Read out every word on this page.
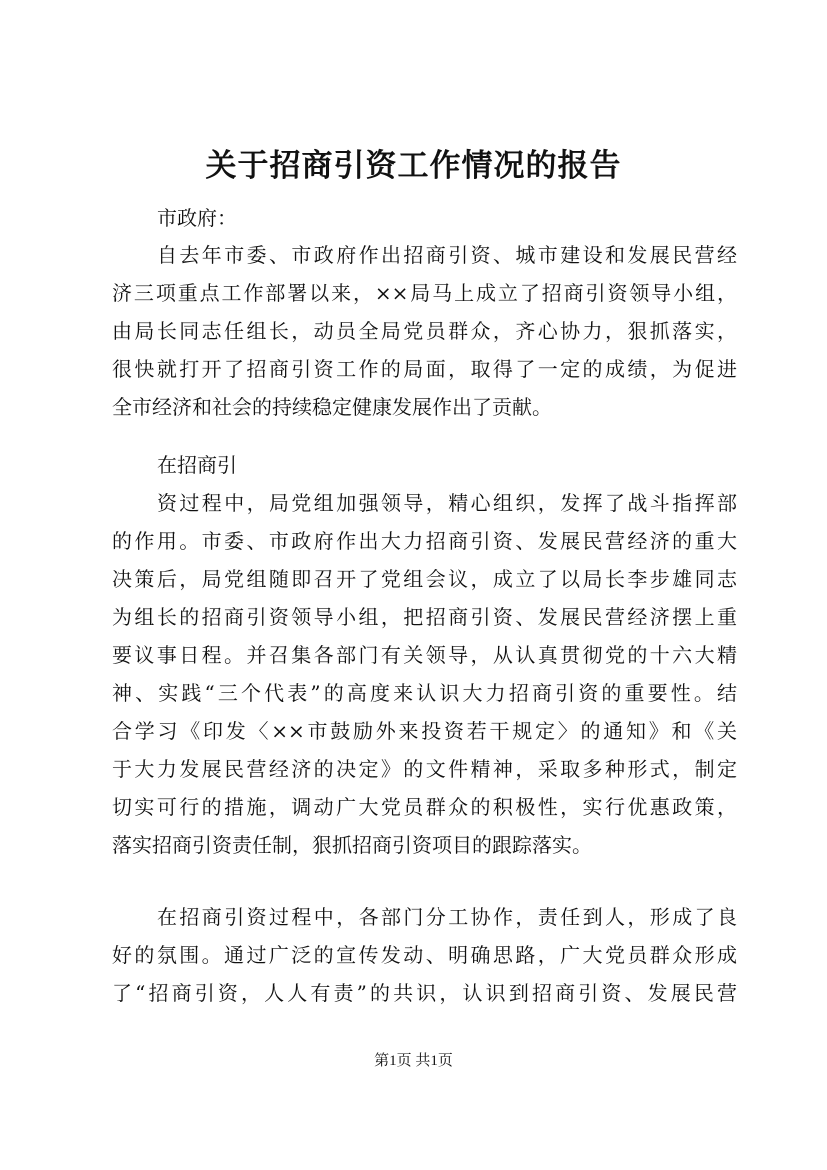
关于招商引资工作情况的报告
市政府：
自去年市委、市政府作出招商引资、城市建设和发展民营经
济三项重点工作部署以来，××局马上成立了招商引资领导小组，
由局长同志任组长，动员全局党员群众，齐心协力，狠抓落实，
很快就打开了招商引资工作的局面，取得了一定的成绩，为促进
全市经济和社会的持续稳定健康发展作出了贡献。
在招商引
资过程中，局党组加强领导，精心组织，发挥了战斗指挥部
的作用。市委、市政府作出大力招商引资、发展民营经济的重大
决策后，局党组随即召开了党组会议，成立了以局长李步雄同志
为组长的招商引资领导小组，把招商引资、发展民营经济摆上重
要议事日程。并召集各部门有关领导，从认真贯彻党的十六大精
神、实践“三个代表”的高度来认识大力招商引资的重要性。结
合学习《印发〈××市鼓励外来投资若干规定〉的通知》和《关
于大力发展民营经济的决定》的文件精神，采取多种形式，制定
切实可行的措施，调动广大党员群众的积极性，实行优惠政策，
落实招商引资责任制，狠抓招商引资项目的跟踪落实。
在招商引资过程中，各部门分工协作，责任到人，形成了良
好的氛围。通过广泛的宣传发动、明确思路，广大党员群众形成
了“招商引资，人人有责”的共识，认识到招商引资、发展民营
第1页 共1页
